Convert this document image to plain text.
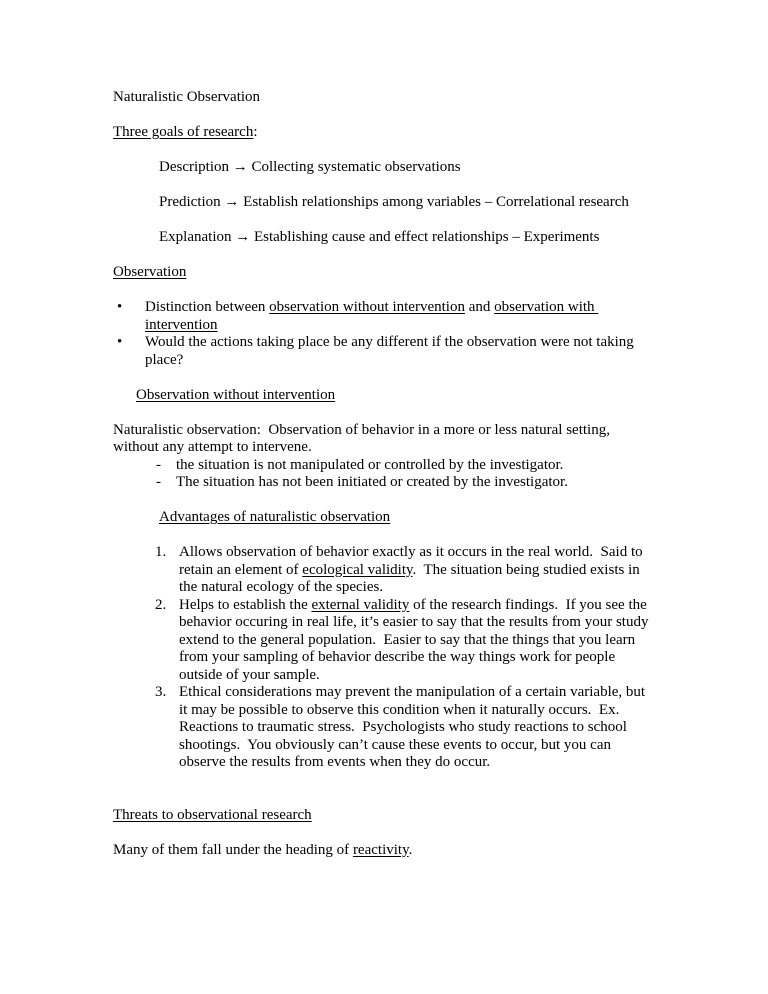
Naturalistic Observation
Three goals of research:
Description → Collecting systematic observations
Prediction → Establish relationships among variables – Correlational research
Explanation → Establishing cause and effect relationships – Experiments
Observation
• Distinction between observation without intervention and observation with intervention
• Would the actions taking place be any different if the observation were not taking place?
Observation without intervention
Naturalistic observation:  Observation of behavior in a more or less natural setting, without any attempt to intervene.
- the situation is not manipulated or controlled by the investigator.
- The situation has not been initiated or created by the investigator.
Advantages of naturalistic observation
1. Allows observation of behavior exactly as it occurs in the real world.  Said to retain an element of ecological validity.  The situation being studied exists in the natural ecology of the species.
2. Helps to establish the external validity of the research findings.  If you see the behavior occuring in real life, it’s easier to say that the results from your study extend to the general population.  Easier to say that the things that you learn from your sampling of behavior describe the way things work for people outside of your sample.
3. Ethical considerations may prevent the manipulation of a certain variable, but it may be possible to observe this condition when it naturally occurs.  Ex. Reactions to traumatic stress.  Psychologists who study reactions to school shootings.  You obviously can’t cause these events to occur, but you can observe the results from events when they do occur.
Threats to observational research
Many of them fall under the heading of reactivity.
